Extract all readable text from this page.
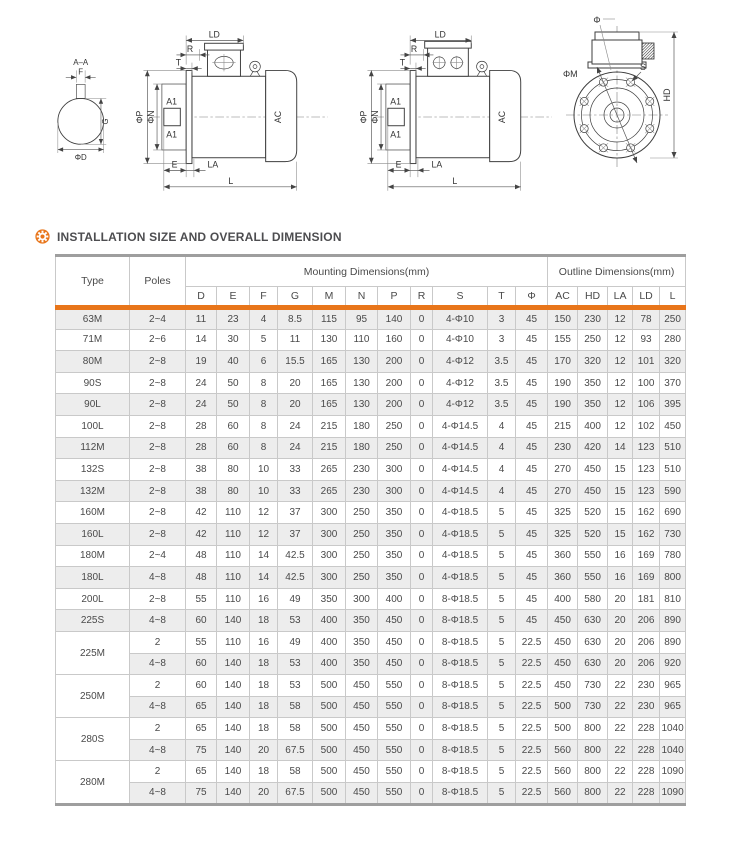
A–A
F
G
ΦD
LD
R
T
ΦP ΦN
A1
A1
AC
E	LA
L
LD
R
T
ΦP ΦN
A1
A1
AC
E	LA
L
Φ
ΦM
S
HD
INSTALLATION SIZE AND OVERALL DIMENSION
Type	Poles	Mounting Dimensions(mm)											Outline Dimensions(mm)				
		D	E	F	G	M	N	P	R	S	T	Φ	AC	HD	LA	LD	L
63M	2~4	11	23	4	8.5	115	95	140	0	4-Φ10	3	45	150	230	12	78	250
71M	2~6	14	30	5	11	130	110	160	0	4-Φ10	3	45	155	250	12	93	280
80M	2~8	19	40	6	15.5	165	130	200	0	4-Φ12	3.5	45	170	320	12	101	320
90S	2~8	24	50	8	20	165	130	200	0	4-Φ12	3.5	45	190	350	12	100	370
90L	2~8	24	50	8	20	165	130	200	0	4-Φ12	3.5	45	190	350	12	106	395
100L	2~8	28	60	8	24	215	180	250	0	4-Φ14.5	4	45	215	400	12	102	450
112M	2~8	28	60	8	24	215	180	250	0	4-Φ14.5	4	45	230	420	14	123	510
132S	2~8	38	80	10	33	265	230	300	0	4-Φ14.5	4	45	270	450	15	123	510
132M	2~8	38	80	10	33	265	230	300	0	4-Φ14.5	4	45	270	450	15	123	590
160M	2~8	42	110	12	37	300	250	350	0	4-Φ18.5	5	45	325	520	15	162	690
160L	2~8	42	110	12	37	300	250	350	0	4-Φ18.5	5	45	325	520	15	162	730
180M	2~4	48	110	14	42.5	300	250	350	0	4-Φ18.5	5	45	360	550	16	169	780
180L	4~8	48	110	14	42.5	300	250	350	0	4-Φ18.5	5	45	360	550	16	169	800
200L	2~8	55	110	16	49	350	300	400	0	8-Φ18.5	5	45	400	580	20	181	810
225S	4~8	60	140	18	53	400	350	450	0	8-Φ18.5	5	45	450	630	20	206	890
225M	2	55	110	16	49	400	350	450	0	8-Φ18.5	5	22.5	450	630	20	206	890
	4~8	60	140	18	53	400	350	450	0	8-Φ18.5	5	22.5	450	630	20	206	920
250M	2	60	140	18	53	500	450	550	0	8-Φ18.5	5	22.5	450	730	22	230	965
	4~8	65	140	18	58	500	450	550	0	8-Φ18.5	5	22.5	500	730	22	230	965
280S	2	65	140	18	58	500	450	550	0	8-Φ18.5	5	22.5	500	800	22	228	1040
	4~8	75	140	20	67.5	500	450	550	0	8-Φ18.5	5	22.5	560	800	22	228	1040
280M	2	65	140	18	58	500	450	550	0	8-Φ18.5	5	22.5	560	800	22	228	1090
	4~8	75	140	20	67.5	500	450	550	0	8-Φ18.5	5	22.5	560	800	22	228	1090
